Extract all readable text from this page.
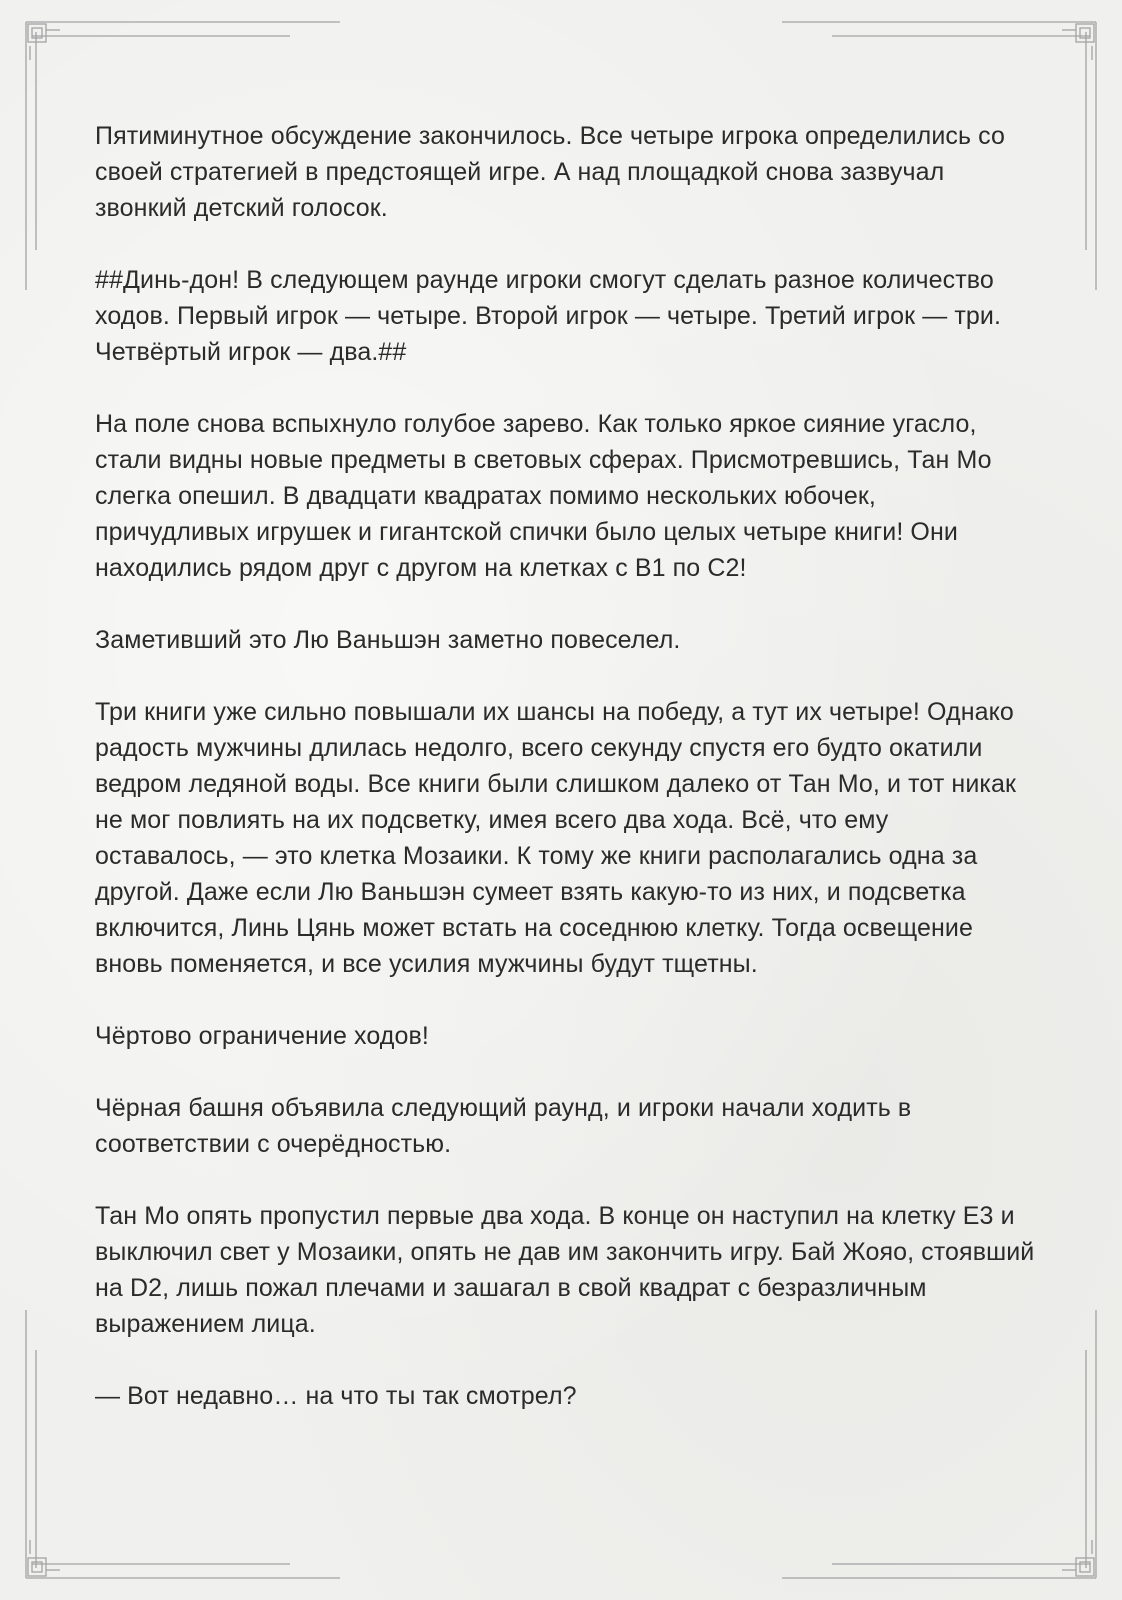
Пятиминутное обсуждение закончилось. Все четыре игрока определились со своей стратегией в предстоящей игре. А над площадкой снова зазвучал звонкий детский голосок.

##Динь-дон! В следующем раунде игроки смогут сделать разное количество ходов. Первый игрок — четыре. Второй игрок — четыре. Третий игрок — три. Четвёртый игрок — два.##

На поле снова вспыхнуло голубое зарево. Как только яркое сияние угасло, стали видны новые предметы в световых сферах. Присмотревшись, Тан Мо слегка опешил. В двадцати квадратах помимо нескольких юбочек, причудливых игрушек и гигантской спички было целых четыре книги! Они находились рядом друг с другом на клетках с B1 по C2!

Заметивший это Лю Ваньшэн заметно повеселел.

Три книги уже сильно повышали их шансы на победу, а тут их четыре! Однако радость мужчины длилась недолго, всего секунду спустя его будто окатили ведром ледяной воды. Все книги были слишком далеко от Тан Мо, и тот никак не мог повлиять на их подсветку, имея всего два хода. Всё, что ему оставалось, — это клетка Мозаики. К тому же книги располагались одна за другой. Даже если Лю Ваньшэн сумеет взять какую-то из них, и подсветка включится, Линь Цянь может встать на соседнюю клетку. Тогда освещение вновь поменяется, и все усилия мужчины будут тщетны.

Чёртово ограничение ходов!

Чёрная башня объявила следующий раунд, и игроки начали ходить в соответствии с очерёдностью.

Тан Мо опять пропустил первые два хода. В конце он наступил на клетку E3 и выключил свет у Мозаики, опять не дав им закончить игру. Бай Жояо, стоявший на D2, лишь пожал плечами и зашагал в свой квадрат с безразличным выражением лица.

— Вот недавно… на что ты так смотрел?
